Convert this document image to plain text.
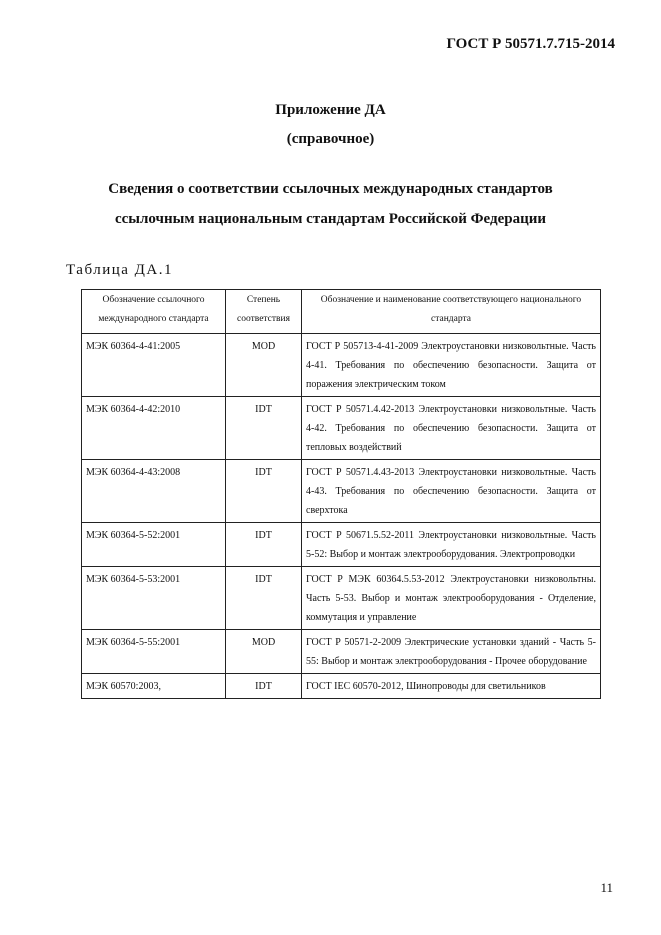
ГОСТ Р 50571.7.715-2014
Приложение ДА
(справочное)
Сведения о соответствии ссылочных международных стандартов
ссылочным национальным стандартам Российской Федерации
Таблица ДА.1
Обозначение ссылочного международного стандарта	Степень соответствия	Обозначение и наименование соответствующего национального стандарта
МЭК 60364-4-41:2005	MOD	ГОСТ Р 50571З-4-41-2009 Электроустановки низковольтные. Часть 4-41. Требования по обеспечению безопасности. Защита от поражения электрическим током
МЭК 60364-4-42:2010	IDT	ГОСТ Р 50571.4.42-2013 Электроустановки низковольтные. Часть 4-42. Требования по обеспечению безопасности. Защита от тепловых воздействий
МЭК 60364-4-43:2008	IDT	ГОСТ Р 50571.4.43-2013 Электроустановки низковольтные. Часть 4-43. Требования по обеспечению безопасности. Защита от сверхтока
МЭК 60364-5-52:2001	IDT	ГОСТ Р 50671.5.52-2011 Электроустановки низковольтные. Часть 5-52: Выбор и монтаж электрооборудования. Электропроводки
МЭК 60364-5-53:2001	IDT	ГОСТ Р МЭК 60364.5.53-2012 Электроустановки низковольтны. Часть 5-53. Выбор и монтаж электрооборудования - Отделение, коммутация и управление
МЭК 60364-5-55:2001	MOD	ГОСТ Р 50571-2-2009 Электрические установки зданий - Часть 5-55: Выбор и монтаж электрооборудования - Прочее оборудование
МЭК 60570:2003,	IDT	ГОСТ IEC 60570-2012, Шинопроводы для светильников
11
